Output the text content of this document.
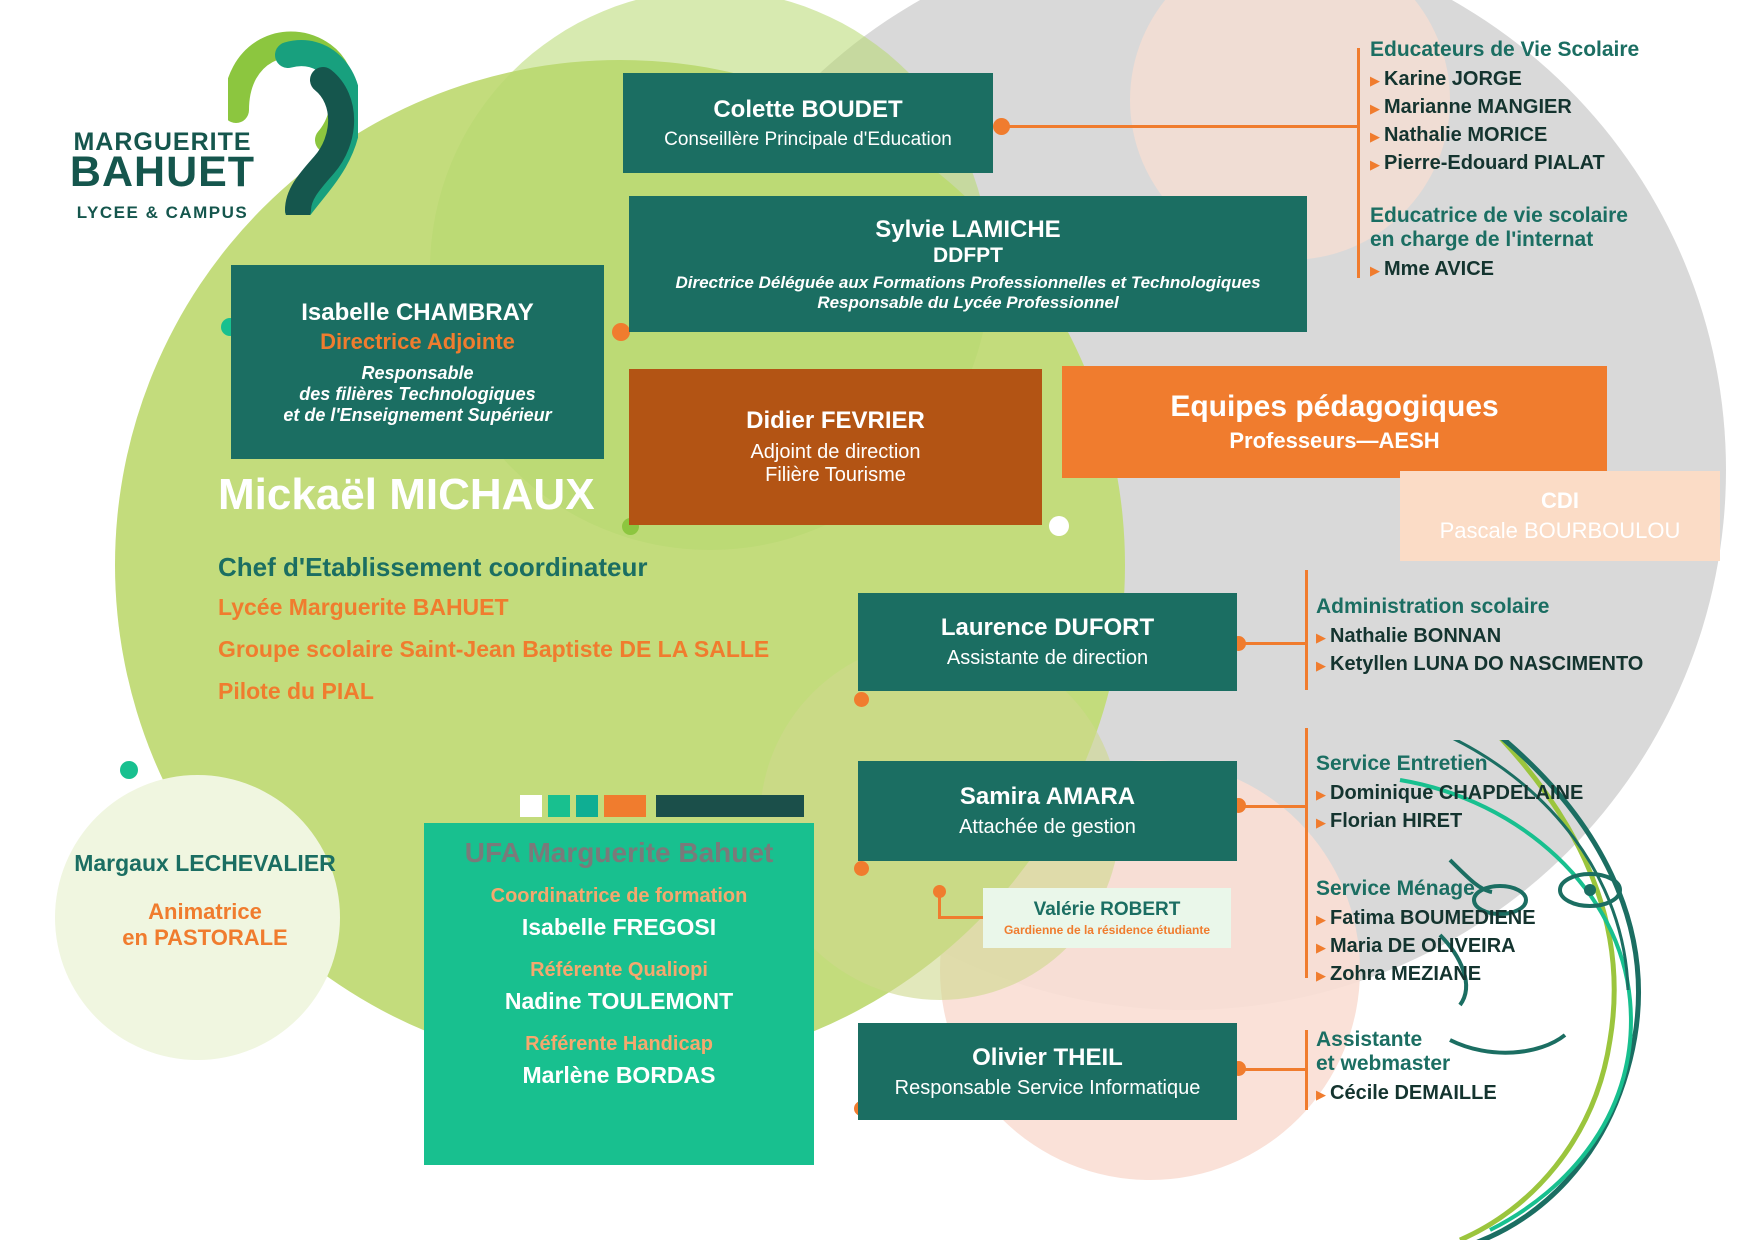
MARGUERITE
BAHUET
LYCEE & CAMPUS
Colette BOUDET
Conseillère Principale d'Education
Sylvie LAMICHE
DDFPT
Directrice Déléguée aux Formations Professionnelles et Technologiques
Responsable du Lycée Professionnel
Isabelle CHAMBRAY
Directrice Adjointe
Responsable
des filières Technologiques
et de l'Enseignement Supérieur	Didier FEVRIER
Adjoint de direction
Filière Tourisme
Equipes pédagogiques
Professeurs—AESH
CDI
Pascale BOURBOULOU
Mickaël MICHAUX
Chef d'Etablissement coordinateur
Lycée Marguerite BAHUET
Groupe scolaire Saint-Jean Baptiste DE LA SALLE
Pilote du PIAL
Laurence DUFORT
Assistante de direction
Samira AMARA
Attachée de gestion
Valérie ROBERT
Gardienne de la résidence étudiante
Olivier THEIL
Responsable Service Informatique
Margaux LECHEVALIER
Animatrice
en PASTORALE
UFA Marguerite Bahuet
Coordinatrice de formation
Isabelle FREGOSI
Référente Qualiopi
Nadine TOULEMONT
Référente Handicap
Marlène BORDAS
Educateurs de Vie Scolaire
▶ Karine JORGE
▶ Marianne MANGIER
▶ Nathalie MORICE
▶ Pierre-Edouard PIALAT
Educatrice de vie scolaire
en charge de l'internat
▶ Mme AVICE
Administration scolaire
▶ Nathalie BONNAN
▶ Ketyllen LUNA DO NASCIMENTO
Service Entretien
▶ Dominique CHAPDELAINE
▶ Florian HIRET
Service Ménage
▶ Fatima BOUMEDIENE
▶ Maria DE OLIVEIRA
▶ Zohra MEZIANE
Assistante
et webmaster
▶ Cécile DEMAILLE
